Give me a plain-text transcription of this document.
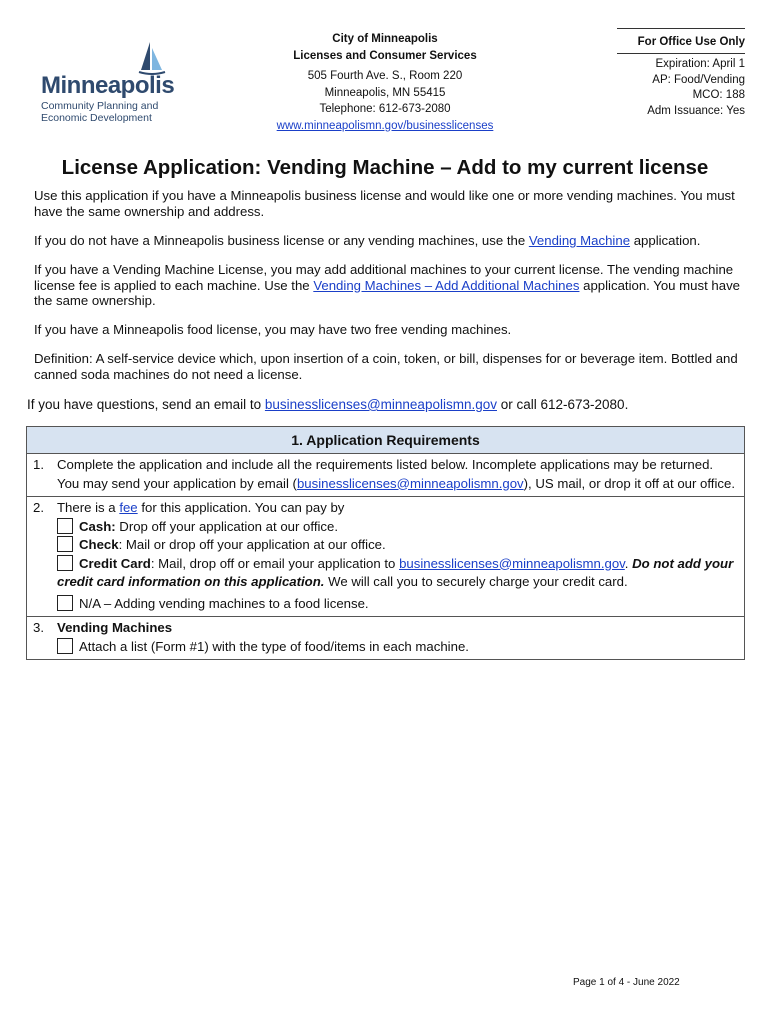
Minneapolis
Community Planning and
Economic Development
City of Minneapolis
Licenses and Consumer Services
505 Fourth Ave. S., Room 220
Minneapolis, MN 55415
Telephone: 612-673-2080
www.minneapolismn.gov/businesslicenses
For Office Use Only
Expiration: April 1
AP: Food/Vending
MCO: 188
Adm Issuance: Yes
License Application: Vending Machine – Add to my current license
Use this application if you have a Minneapolis business license and would like one or more vending machines. You must have the same ownership and address.
If you do not have a Minneapolis business license or any vending machines, use the Vending Machine application.
If you have a Vending Machine License, you may add additional machines to your current license. The vending machine license fee is applied to each machine. Use the Vending Machines – Add Additional Machines application. You must have the same ownership.
If you have a Minneapolis food license, you may have two free vending machines.
Definition: A self-service device which, upon insertion of a coin, token, or bill, dispenses for or beverage item. Bottled and canned soda machines do not need a license.
If you have questions, send an email to businesslicenses@minneapolismn.gov or call 612-673-2080.
1. Application Requirements
1. Complete the application and include all the requirements listed below. Incomplete applications may be returned. You may send your application by email (businesslicenses@minneapolismn.gov), US mail, or drop it off at our office.
2. There is a fee for this application. You can pay by
Cash: Drop off your application at our office.
Check: Mail or drop off your application at our office.
Credit Card: Mail, drop off or email your application to businesslicenses@minneapolismn.gov. Do not add your credit card information on this application. We will call you to securely charge your credit card.
N/A – Adding vending machines to a food license.
3. Vending Machines
Attach a list (Form #1) with the type of food/items in each machine.
Page 1 of 4 - June 2022
